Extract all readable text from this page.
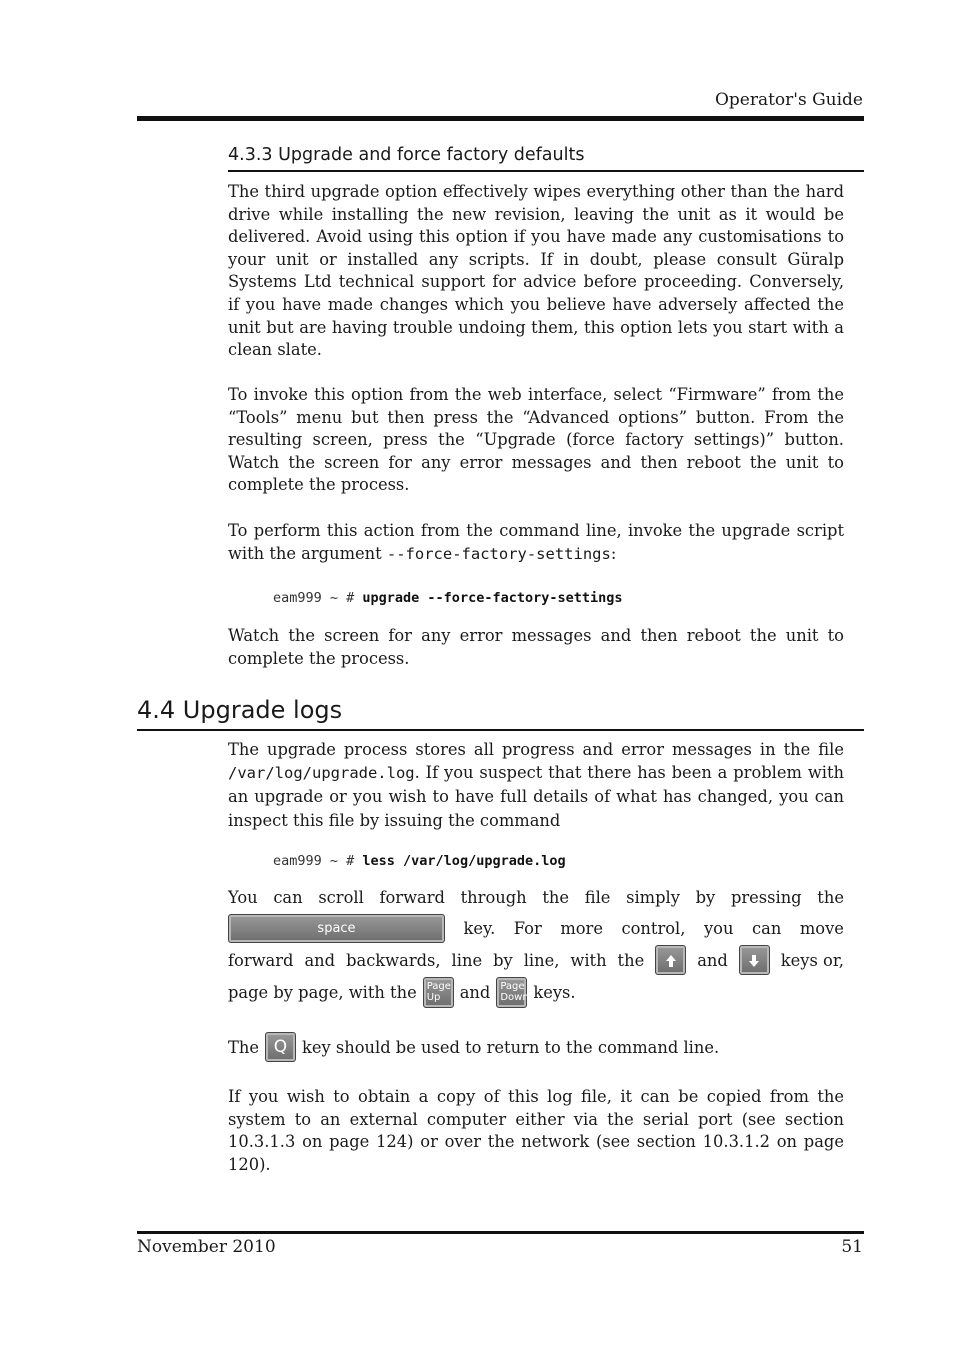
Operator's Guide
4.3.3 Upgrade and force factory defaults
The third upgrade option effectively wipes everything other than the hard drive while installing the new revision, leaving the unit as it would be delivered. Avoid using this option if you have made any customisations to your unit or installed any scripts. If in doubt, please consult Güralp Systems Ltd technical support for advice before proceeding. Conversely, if you have made changes which you believe have adversely affected the unit but are having trouble undoing them, this option lets you start with a clean slate.
To invoke this option from the web interface, select “Firmware” from the “Tools” menu but then press the “Advanced options” button. From the resulting screen, press the “Upgrade (force factory settings)” button. Watch the screen for any error messages and then reboot the unit to complete the process.
To perform this action from the command line, invoke the upgrade script with the argument --force-factory-settings:
eam999 ~ # upgrade --force-factory-settings
Watch the screen for any error messages and then reboot the unit to complete the process.
4.4 Upgrade logs
The upgrade process stores all progress and error messages in the file /var/log/upgrade.log. If you suspect that there has been a problem with an upgrade or you wish to have full details of what has changed, you can inspect this file by issuing the command
eam999 ~ # less /var/log/upgrade.log
You can scroll forward through the file simply by pressing the
space	key. For more control, you can move
forward and backwards, line by line, with the	and	keys or,
page by page, with the	Page
Up	and	Page
Down keys.
The Q key should be used to return to the command line.
If you wish to obtain a copy of this log file, it can be copied from the system to an external computer either via the serial port (see section 10.3.1.3 on page 124) or over the network (see section 10.3.1.2 on page 120).
November 2010	51
